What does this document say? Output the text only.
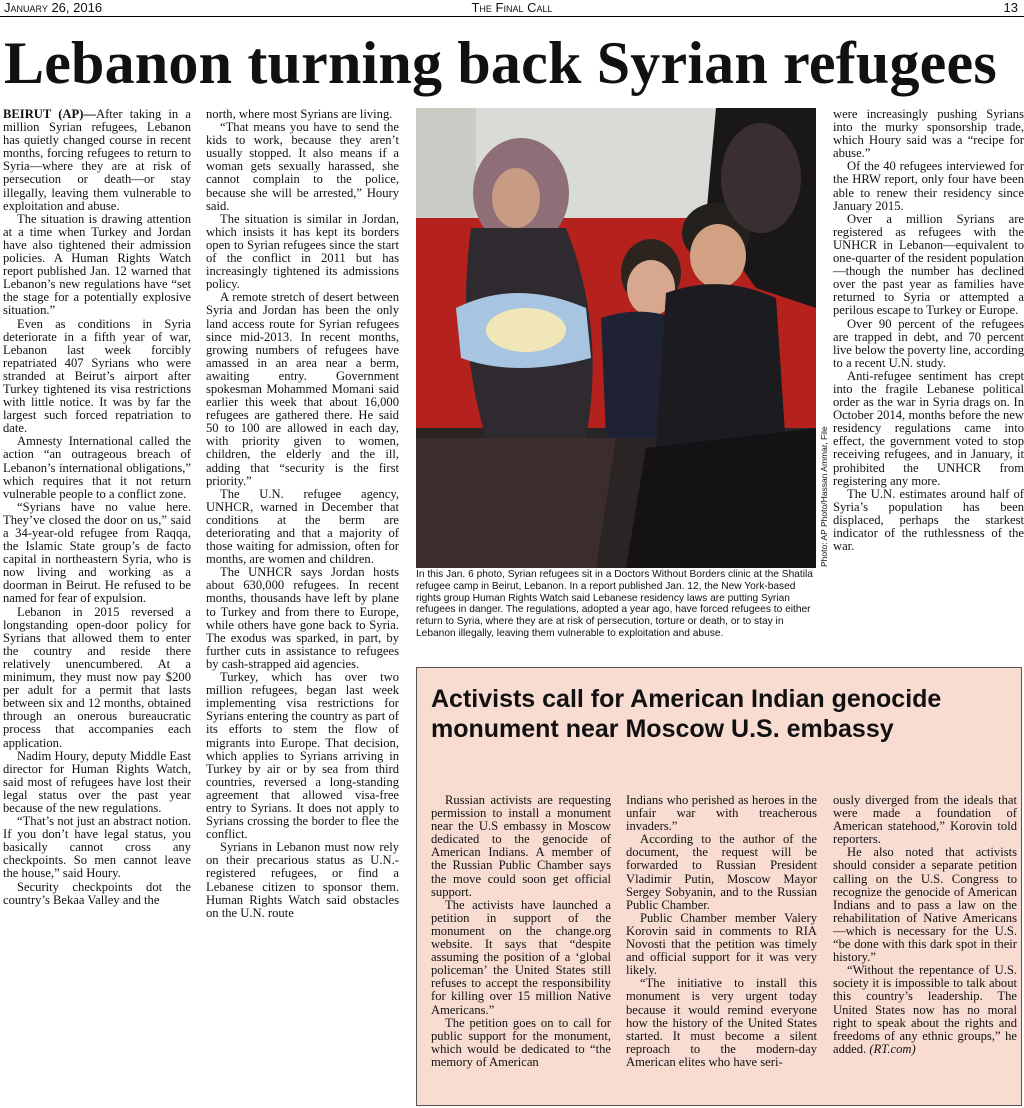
January 26, 2016	The Final Call	13
Lebanon turning back Syrian refugees

BEIRUT (AP)—After taking in a million Syrian refugees, Lebanon has quietly changed course in recent months, forcing refugees to return to Syria—where they are at risk of persecution or death—or stay illegally, leaving them vulnerable to exploitation and abuse.

The situation is drawing attention at a time when Turkey and Jordan have also tightened their admission policies. A Human Rights Watch report published Jan. 12 warned that Lebanon’s new regulations have “set the stage for a potentially explosive situation.”

Even as conditions in Syria deteriorate in a fifth year of war, Lebanon last week forcibly repatriated 407 Syrians who were stranded at Beirut’s airport after Turkey tightened its visa restrictions with little notice. It was by far the largest such forced repatriation to date.

Amnesty International called the action “an outrageous breach of Lebanon’s international obligations,” which requires that it not return vulnerable people to a conflict zone.

“Syrians have no value here. They’ve closed the door on us,” said a 34-year-old refugee from Raqqa, the Islamic State group’s de facto capital in northeastern Syria, who is now living and working as a doorman in Beirut. He refused to be named for fear of expulsion.

Lebanon in 2015 reversed a longstanding open-door policy for Syrians that allowed them to enter the country and reside there relatively unencumbered. At a minimum, they must now pay $200 per adult for a permit that lasts between six and 12 months, obtained through an onerous bureaucratic process that accompanies each application.

Nadim Houry, deputy Middle East director for Human Rights Watch, said most of refugees have lost their legal status over the past year because of the new regulations.

“That’s not just an abstract notion. If you don’t have legal status, you basically cannot cross any checkpoints. So men cannot leave the house,” said Houry.

Security checkpoints dot the country’s Bekaa Valley and the

north, where most Syrians are living.

“That means you have to send the kids to work, because they aren’t usually stopped. It also means if a woman gets sexually harassed, she cannot complain to the police, because she will be arrested,” Houry said.

The situation is similar in Jordan, which insists it has kept its borders open to Syrian refugees since the start of the conflict in 2011 but has increasingly tightened its admissions policy.

A remote stretch of desert between Syria and Jordan has been the only land access route for Syrian refugees since mid-2013. In recent months, growing numbers of refugees have amassed in an area near a berm, awaiting entry. Government spokesman Mohammed Momani said earlier this week that about 16,000 refugees are gathered there. He said 50 to 100 are allowed in each day, with priority given to women, children, the elderly and the ill, adding that “security is the first priority.”

The U.N. refugee agency, UNHCR, warned in December that conditions at the berm are deteriorating and that a majority of those waiting for admission, often for months, are women and children.

The UNHCR says Jordan hosts about 630,000 refugees. In recent months, thousands have left by plane to Turkey and from there to Europe, while others have gone back to Syria. The exodus was sparked, in part, by further cuts in assistance to refugees by cash-strapped aid agencies.

Turkey, which has over two million refugees, began last week implementing visa restrictions for Syrians entering the country as part of its efforts to stem the flow of migrants into Europe. That decision, which applies to Syrians arriving in Turkey by air or by sea from third countries, reversed a long-standing agreement that allowed visa-free entry to Syrians. It does not apply to Syrians crossing the border to flee the conflict.

Syrians in Lebanon must now rely on their precarious status as U.N.-registered refugees, or find a Lebanese citizen to sponsor them. Human Rights Watch said obstacles on the U.N. route

Photo: AP Photo/Hassan Ammar, File

In this Jan. 6 photo, Syrian refugees sit in a Doctors Without Borders clinic at the Shatila refugee camp in Beirut, Lebanon. In a report published Jan. 12, the New York-based rights group Human Rights Watch said Lebanese residency laws are putting Syrian refugees in danger. The regulations, adopted a year ago, have forced refugees to either return to Syria, where they are at risk of persecution, torture or death, or to stay in Lebanon illegally, leaving them vulnerable to exploitation and abuse.

were increasingly pushing Syrians into the murky sponsorship trade, which Houry said was a “recipe for abuse.”

Of the 40 refugees interviewed for the HRW report, only four have been able to renew their residency since January 2015.

Over a million Syrians are registered as refugees with the UNHCR in Lebanon—equivalent to one-quarter of the resident population—though the number has declined over the past year as families have returned to Syria or attempted a perilous escape to Turkey or Europe.

Over 90 percent of the refugees are trapped in debt, and 70 percent live below the poverty line, according to a recent U.N. study.

Anti-refugee sentiment has crept into the fragile Lebanese political order as the war in Syria drags on. In October 2014, months before the new residency regulations came into effect, the government voted to stop receiving refugees, and in January, it prohibited the UNHCR from registering any more.

The U.N. estimates around half of Syria’s population has been displaced, perhaps the starkest indicator of the ruthlessness of the war.

Activists call for American Indian genocide monument near Moscow U.S. embassy

Russian activists are requesting permission to install a monument near the U.S embassy in Moscow dedicated to the genocide of American Indians. A member of the Russian Public Chamber says the move could soon get official support.

The activists have launched a petition in support of the monument on the change.org website. It says that “despite assuming the position of a ‘global policeman’ the United States still refuses to accept the responsibility for killing over 15 million Native Americans.”

The petition goes on to call for public support for the monument, which would be dedicated to “the memory of American

Indians who perished as heroes in the unfair war with treacherous invaders.”

According to the author of the document, the request will be forwarded to Russian President Vladimir Putin, Moscow Mayor Sergey Sobyanin, and to the Russian Public Chamber.

Public Chamber member Valery Korovin said in comments to RIA Novosti that the petition was timely and official support for it was very likely.

“The initiative to install this monument is very urgent today because it would remind everyone how the history of the United States started. It must become a silent reproach to the modern-day American elites who have seri-

ously diverged from the ideals that were made a foundation of American statehood,” Korovin told reporters.

He also noted that activists should consider a separate petition calling on the U.S. Congress to recognize the genocide of American Indians and to pass a law on the rehabilitation of Native Americans—which is necessary for the U.S. “be done with this dark spot in their history.”

“Without the repentance of U.S. society it is impossible to talk about this country’s leadership. The United States now has no moral right to speak about the rights and freedoms of any ethnic groups,” he added. (RT.com)
